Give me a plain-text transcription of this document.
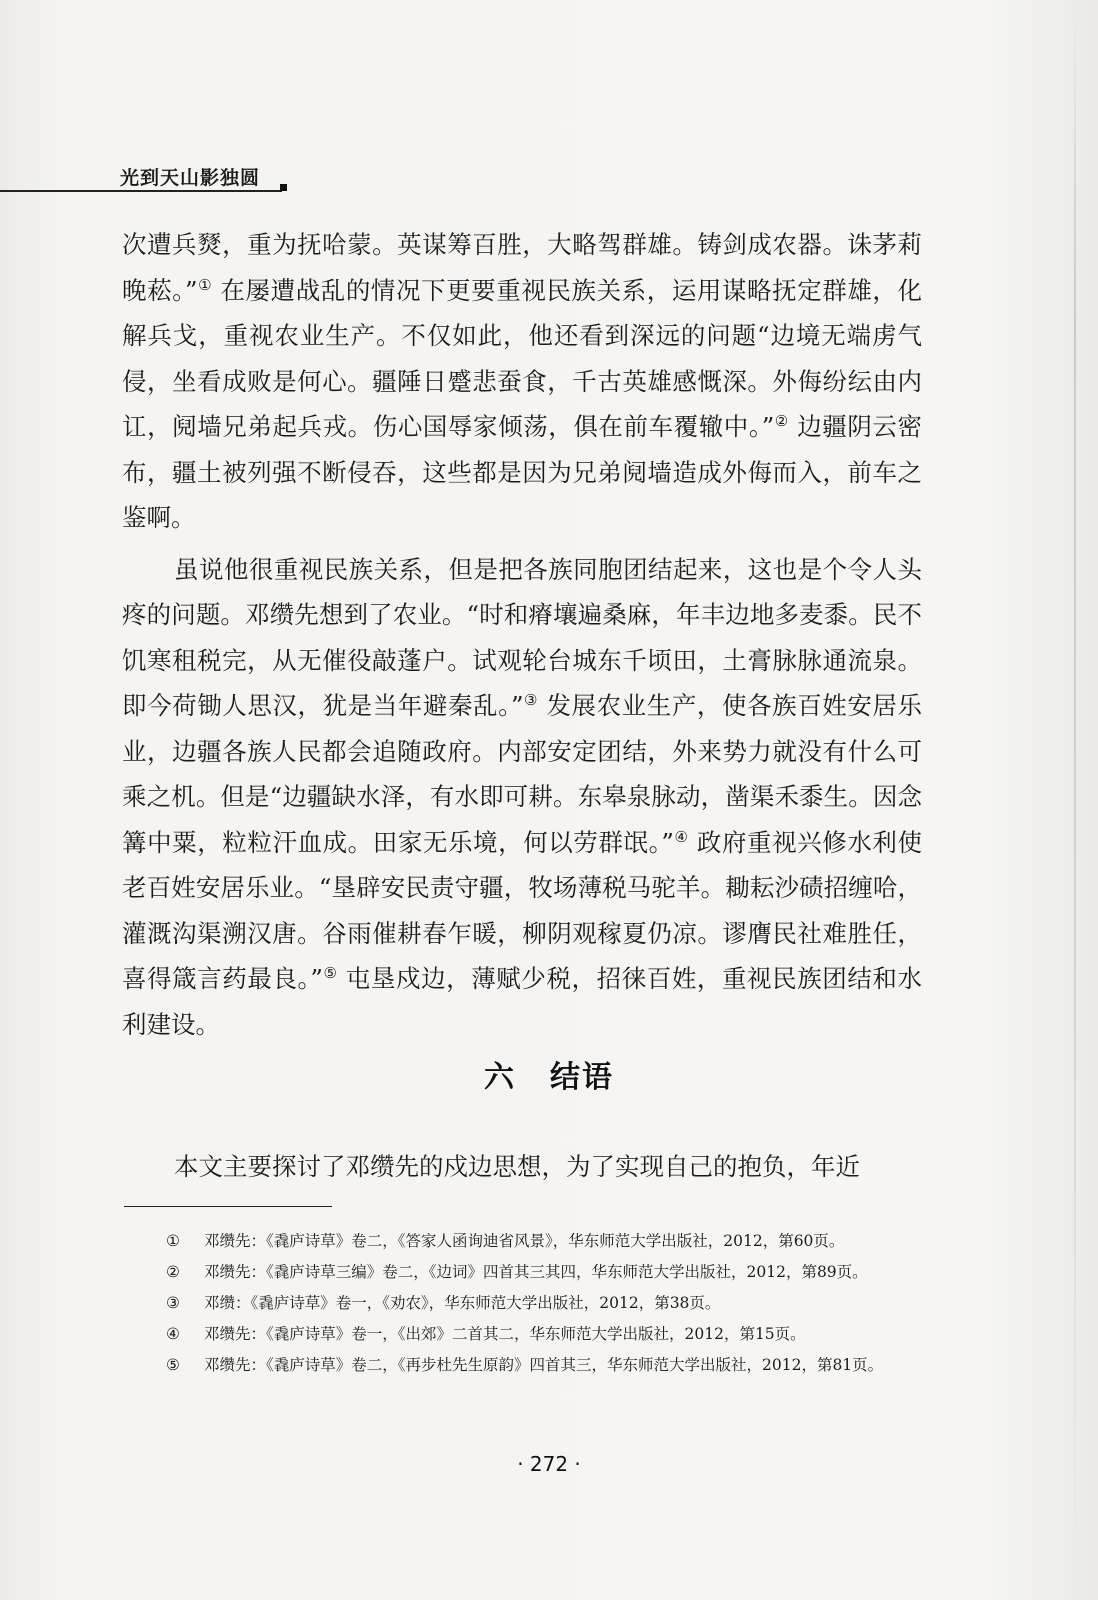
光到天山影独圆

次遭兵燹，重为抚哈蒙。英谋筹百胜，大略驾群雄。铸剑成农器。诛茅莉晚菘。”① 在屡遭战乱的情况下更要重视民族关系，运用谋略抚定群雄，化解兵戈，重视农业生产。不仅如此，他还看到深远的问题“边境无端虏气侵，坐看成败是何心。疆陲日蹙悲蚕食，千古英雄感慨深。外侮纷纭由内讧，阋墙兄弟起兵戎。伤心国辱家倾荡，俱在前车覆辙中。”② 边疆阴云密布，疆土被列强不断侵吞，这些都是因为兄弟阋墙造成外侮而入，前车之鉴啊。

虽说他很重视民族关系，但是把各族同胞团结起来，这也是个令人头疼的问题。邓缵先想到了农业。“时和瘠壤遍桑麻，年丰边地多麦黍。民不饥寒租税完，从无催役敲蓬户。试观轮台城东千顷田，土膏脉脉通流泉。即今荷锄人思汉，犹是当年避秦乱。”③ 发展农业生产，使各族百姓安居乐业，边疆各族人民都会追随政府。内部安定团结，外来势力就没有什么可乘之机。但是“边疆缺水泽，有水即可耕。东皋泉脉动，凿渠禾黍生。因念篝中粟，粒粒汗血成。田家无乐境，何以劳群氓。”④ 政府重视兴修水利使老百姓安居乐业。“垦辟安民责守疆，牧场薄税马驼羊。耡耘沙碛招缠哈，灌溉沟渠溯汉唐。谷雨催耕春乍暖，柳阴观稼夏仍凉。谬膺民社难胜任，喜得箴言药最良。”⑤ 屯垦戍边，薄赋少税，招徕百姓，重视民族团结和水利建设。

六 结语
本文主要探讨了邓缵先的戍边思想，为了实现自己的抱负，年近
① 邓缵先：《毳庐诗草》卷二，《答家人函询迪省风景》，华东师范大学出版社，2012，第60页。
② 邓缵先：《毳庐诗草三编》卷二，《边词》四首其三其四，华东师范大学出版社，2012，第89页。
③ 邓缵：《毳庐诗草》卷一，《劝农》，华东师范大学出版社，2012，第38页。
④ 邓缵先：《毳庐诗草》卷一，《出郊》二首其二，华东师范大学出版社，2012，第15页。
⑤ 邓缵先：《毳庐诗草》卷二，《再步杜先生原韵》四首其三，华东师范大学出版社，2012，第81页。
· 272 ·
